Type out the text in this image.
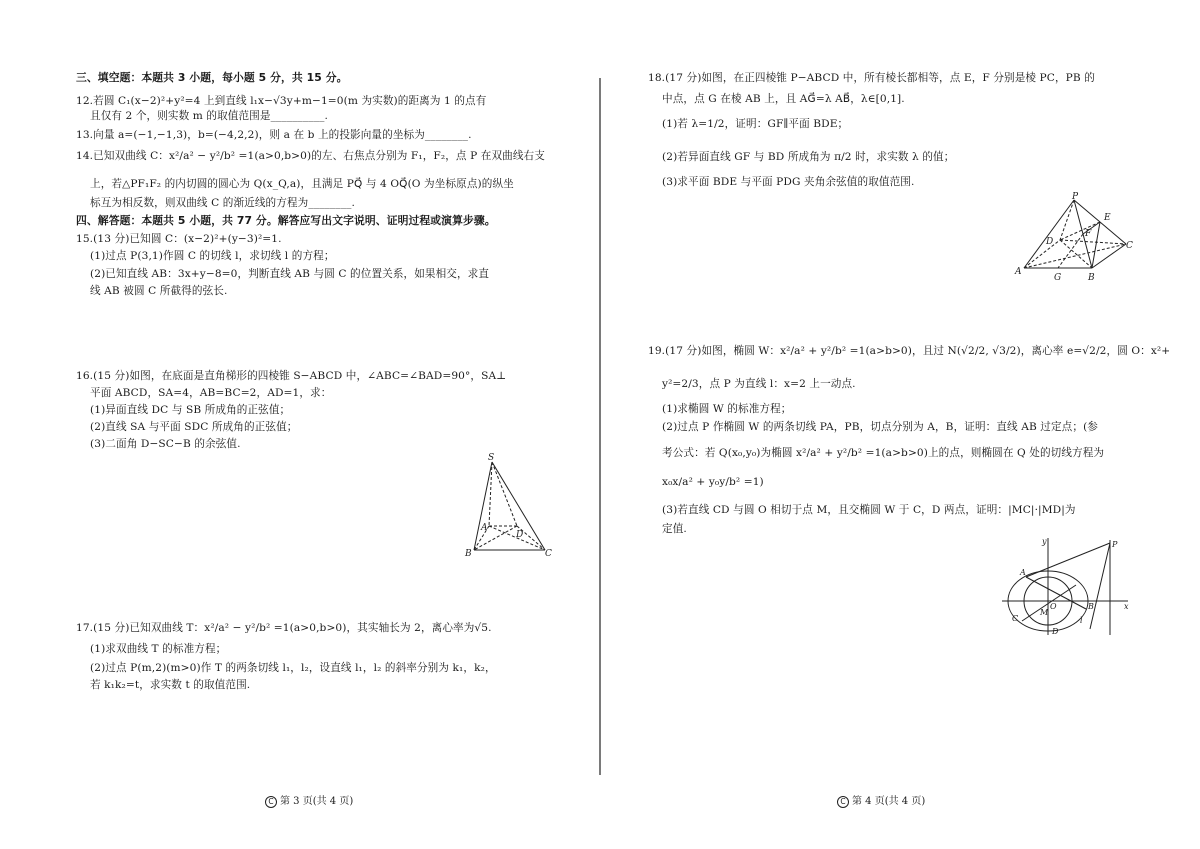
三、填空题：本题共 3 小题，每小题 5 分，共 15 分。
12.若圆 C₁(x−2)²+y²=4 上到直线 l₁x−√3y+m−1=0(m 为实数)的距离为 1 的点有
且仅有 2 个，则实数 m 的取值范围是__________.
13.向量 a=(−1,−1,3)，b=(−4,2,2)，则 a 在 b 上的投影向量的坐标为________.
14.已知双曲线 C：x²/a² − y²/b² =1(a>0,b>0)的左、右焦点分别为 F₁，F₂，点 P 在双曲线右支
上，若△PF₁F₂ 的内切圆的圆心为 Q(x_Q,a)，且满足 PQ⃗ 与 4 OQ⃗(O 为坐标原点)的纵坐
标互为相反数，则双曲线 C 的渐近线的方程为________.
四、解答题：本题共 5 小题，共 77 分。解答应写出文字说明、证明过程或演算步骤。
15.(13 分)已知圆 C：(x−2)²+(y−3)²=1.
(1)过点 P(3,1)作圆 C 的切线 l，求切线 l 的方程；
(2)已知直线 AB：3x+y−8=0，判断直线 AB 与圆 C 的位置关系，如果相交，求直
线 AB 被圆 C 所截得的弦长.
16.(15 分)如图，在底面是直角梯形的四棱锥 S−ABCD 中，∠ABC=∠BAD=90°，SA⊥
平面 ABCD，SA=4，AB=BC=2，AD=1，求：
(1)异面直线 DC 与 SB 所成角的正弦值；
(2)直线 SA 与平面 SDC 所成角的正弦值；
(3)二面角 D−SC−B 的余弦值.
17.(15 分)已知双曲线 T：x²/a² − y²/b² =1(a>0,b>0)，其实轴长为 2，离心率为√5.
(1)求双曲线 T 的标准方程；
(2)过点 P(m,2)(m>0)作 T 的两条切线 l₁，l₂，设直线 l₁，l₂ 的斜率分别为 k₁，k₂，
若 k₁k₂=t，求实数 t 的取值范围.
S
A
B	C
D
18.(17 分)如图，在正四棱锥 P−ABCD 中，所有棱长都相等，点 E，F 分别是棱 PC，PB 的
中点，点 G 在棱 AB 上，且 AG⃗=λ AB⃗，λ∈[0,1].
(1)若 λ=1/2，证明：GF∥平面 BDE；
(2)若异面直线 GF 与 BD 所成角为 π/2 时，求实数 λ 的值；
(3)求平面 BDE 与平面 PDG 夹角余弦值的取值范围.
19.(17 分)如图，椭圆 W：x²/a² + y²/b² =1(a>b>0)，且过 N(√2/2, √3/2)，离心率 e=√2/2，圆 O：x²+
y²=2/3，点 P 为直线 l：x=2 上一动点.
(1)求椭圆 W 的标准方程；
(2)过点 P 作椭圆 W 的两条切线 PA，PB，切点分别为 A，B，证明：直线 AB 过定点；(参
考公式：若 Q(x₀,y₀)为椭圆 x²/a² + y²/b² =1(a>b>0)上的点，则椭圆在 Q 处的切线方程为
x₀x/a² + y₀y/b² =1)
(3)若直线 CD 与圆 O 相切于点 M，且交椭圆 W 于 C，D 两点，证明：|MC|·|MD|为
定值.
P
A
B
C
D
E
F
G
y
x
P
A
B
C
D
M
O
l
C 第 3 页(共 4 页)	C 第 4 页(共 4 页)
